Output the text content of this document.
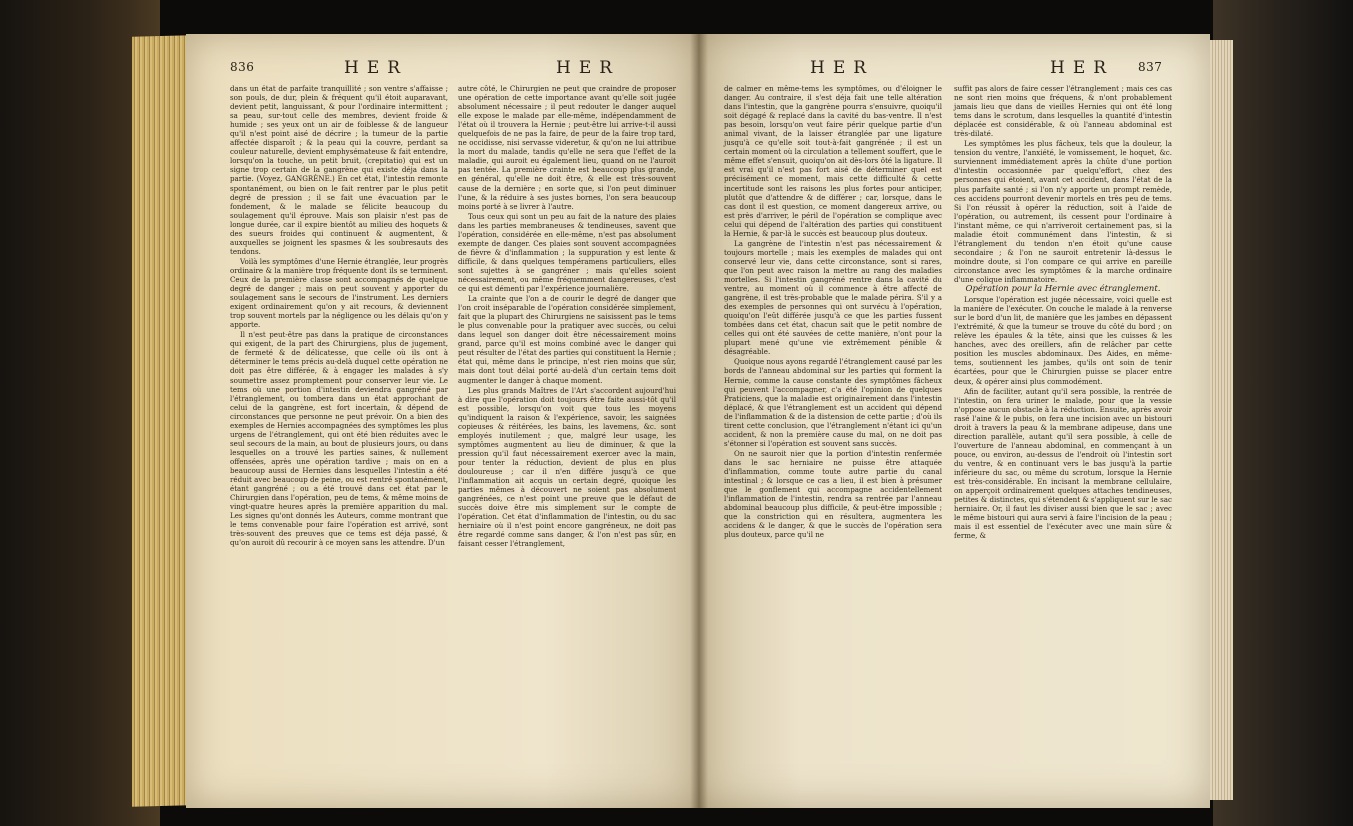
836	HER	HER

dans un état de parfaite tranquillité ; son ventre s'affaisse ; son pouls, de dur, plein & fréquent qu'il étoit auparavant, devient petit, languissant, & pour l'ordinaire intermittent ; sa peau, sur-tout celle des membres, devient froide & humide ; ses yeux ont un air de foiblesse & de langueur qu'il n'est point aisé de décrire ; la tumeur de la partie affectée disparoît ; & la peau qui la couvre, perdant sa couleur naturelle, devient emphysémateuse & fait entendre, lorsqu'on la touche, un petit bruit, (crepitatio) qui est un signe trop certain de la gangrène qui existe déja dans la partie. (Voyez, GANGRÈNE.) En cet état, l'intestin remonte spontanément, ou bien on le fait rentrer par le plus petit degré de pression ; il se fait une évacuation par le fondement, & le malade se félicite beaucoup du soulagement qu'il éprouve. Mais son plaisir n'est pas de longue durée, car il expire bientôt au milieu des hoquets & des sueurs froides qui continuent & augmentent, & auxquelles se joignent les spasmes & les soubresauts des tendons.

Voilà les symptômes d'une Hernie étranglée, leur progrès ordinaire & la manière trop fréquente dont ils se terminent. Ceux de la première classe sont accompagnés de quelque degré de danger ; mais on peut souvent y apporter du soulagement sans le secours de l'instrument. Les derniers exigent ordinairement qu'on y ait recours, & deviennent trop souvent mortels par la négligence ou les délais qu'on y apporte.

Il n'est peut-être pas dans la pratique de circonstances qui exigent, de la part des Chirurgiens, plus de jugement, de fermeté & de délicatesse, que celle où ils ont à déterminer le tems précis au-delà duquel cette opération ne doit pas être différée, & à engager les malades à s'y soumettre assez promptement pour conserver leur vie. Le tems où une portion d'intestin deviendra gangréné par l'étranglement, ou tombera dans un état approchant de celui de la gangrène, est fort incertain, & dépend de circonstances que personne ne peut prévoir. On a bien des exemples de Hernies accompagnées des symptômes les plus urgens de l'étranglement, qui ont été bien réduites avec le seul secours de la main, au bout de plusieurs jours, ou dans lesquelles on a trouvé les parties saines, & nullement offensées, après une opération tardive ; mais on en a beaucoup aussi de Hernies dans lesquelles l'intestin a été réduit avec beaucoup de peine, ou est rentré spontanément, étant gangréné ; ou a été trouvé dans cet état par le Chirurgien dans l'opération, peu de tems, & même moins de vingt-quatre heures après la première apparition du mal. Les signes qu'ont donnés les Auteurs, comme montrant que le tems convenable pour faire l'opération est arrivé, sont très-souvent des preuves que ce tems est déja passé, & qu'on auroit dû recourir à ce moyen sans les attendre. D'un

autre côté, le Chirurgien ne peut que craindre de proposer une opération de cette importance avant qu'elle soit jugée absolument nécessaire ; il peut redouter le danger auquel elle expose le malade par elle-même, indépendamment de l'état où il trouvera la Hernie ; peut-être lui arrive-t-il aussi quelquefois de ne pas la faire, de peur de la faire trop tard, ne occidisse, nisi servasse videretur, & qu'on ne lui attribue la mort du malade, tandis qu'elle ne sera que l'effet de la maladie, qui auroit eu également lieu, quand on ne l'auroit pas tentée. La première crainte est beaucoup plus grande, en général, qu'elle ne doit être, & elle est très-souvent cause de la dernière ; en sorte que, si l'on peut diminuer l'une, & la réduire à ses justes bornes, l'on sera beaucoup moins porté à se livrer à l'autre.

Tous ceux qui sont un peu au fait de la nature des plaies dans les parties membraneuses & tendineuses, savent que l'opération, considérée en elle-même, n'est pas absolument exempte de danger. Ces plaies sont souvent accompagnées de fièvre & d'inflammation ; la suppuration y est lente & difficile, & dans quelques tempéramens particuliers, elles sont sujettes à se gangréner ; mais qu'elles soient nécessairement, ou même fréquemment dangereuses, c'est ce qui est démenti par l'expérience journalière.

La crainte que l'on a de courir le degré de danger que l'on croit inséparable de l'opération considérée simplement, fait que la plupart des Chirurgiens ne saisissent pas le tems le plus convenable pour la pratiquer avec succès, ou celui dans lequel son danger doit être nécessairement moins grand, parce qu'il est moins combiné avec le danger qui peut résulter de l'état des parties qui constituent la Hernie ; état qui, même dans le principe, n'est rien moins que sûr, mais dont tout délai porté au-delà d'un certain tems doit augmenter le danger à chaque moment.

Les plus grands Maîtres de l'Art s'accordent aujourd'hui à dire que l'opération doit toujours être faite aussi-tôt qu'il est possible, lorsqu'on voit que tous les moyens qu'indiquent la raison & l'expérience, savoir, les saignées copieuses & réitérées, les bains, les lavemens, &c. sont employés inutilement ; que, malgré leur usage, les symptômes augmentent au lieu de diminuer, & que la pression qu'il faut nécessairement exercer avec la main, pour tenter la réduction, devient de plus en plus douloureuse ; car il n'en différe jusqu'à ce que l'inflammation ait acquis un certain degré, quoique les parties mêmes à découvert ne soient pas absolument gangrénées, ce n'est point une preuve que le défaut de succès doive être mis simplement sur le compte de l'opération. Cet état d'inflammation de l'intestin, ou du sac herniaire où il n'est point encore gangréneux, ne doit pas être regardé comme sans danger, & l'on n'est pas sûr, en faisant cesser l'étranglement,

HER	HER 837

de calmer en même-tems les symptômes, ou d'éloigner le danger. Au contraire, il s'est déja fait une telle altération dans l'intestin, que la gangrène pourra s'ensuivre, quoiqu'il soit dégagé & replacé dans la cavité du bas-ventre. Il n'est pas besoin, lorsqu'on veut faire périr quelque partie d'un animal vivant, de la laisser étranglée par une ligature jusqu'à ce qu'elle soit tout-à-fait gangrénée ; il est un certain moment où la circulation a tellement souffert, que le même effet s'ensuit, quoiqu'on ait dès-lors ôté la ligature. Il est vrai qu'il n'est pas fort aisé de déterminer quel est précisément ce moment, mais cette difficulté & cette incertitude sont les raisons les plus fortes pour anticiper, plutôt que d'attendre & de différer ; car, lorsque, dans le cas dont il est question, ce moment dangereux arrive, ou est près d'arriver, le péril de l'opération se complique avec celui qui dépend de l'altération des parties qui constituent la Hernie, & par-là le succès est beaucoup plus douteux.

La gangrène de l'intestin n'est pas nécessairement & toujours mortelle ; mais les exemples de malades qui ont conservé leur vie, dans cette circonstance, sont si rares, que l'on peut avec raison la mettre au rang des maladies mortelles. Si l'intestin gangréné rentre dans la cavité du ventre, au moment où il commence à être affecté de gangrène, il est très-probable que le malade périra. S'il y a des exemples de personnes qui ont survécu à l'opération, quoiqu'on l'eût différée jusqu'à ce que les parties fussent tombées dans cet état, chacun sait que le petit nombre de celles qui ont été sauvées de cette manière, n'ont pour la plupart mené qu'une vie extrêmement pénible & désagréable.

Quoique nous ayons regardé l'étranglement causé par les bords de l'anneau abdominal sur les parties qui forment la Hernie, comme la cause constante des symptômes fâcheux qui peuvent l'accompagner, c'a été l'opinion de quelques Praticiens, que la maladie est originairement dans l'intestin déplacé, & que l'étranglement est un accident qui dépend de l'inflammation & de la distension de cette partie ; d'où ils tirent cette conclusion, que l'étranglement n'étant ici qu'un accident, & non la première cause du mal, on ne doit pas s'étonner si l'opération est souvent sans succès.

On ne sauroit nier que la portion d'intestin renfermée dans le sac herniaire ne puisse être attaquée d'inflammation, comme toute autre partie du canal intestinal ; & lorsque ce cas a lieu, il est bien à présumer que le gonflement qui accompagne accidentellement l'inflammation de l'intestin, rendra sa rentrée par l'anneau abdominal beaucoup plus difficile, & peut-être impossible ; que la constriction qui en résultera, augmentera les accidens & le danger, & que le succès de l'opération sera plus douteux, parce qu'il ne

suffit pas alors de faire cesser l'étranglement ; mais ces cas ne sont rien moins que fréquens, & n'ont probablement jamais lieu que dans de vieilles Hernies qui ont été long tems dans le scrotum, dans lesquelles la quantité d'intestin déplacée est considérable, & où l'anneau abdominal est très-dilaté.

Les symptômes les plus fâcheux, tels que la douleur, la tension du ventre, l'anxiété, le vomissement, le hoquet, &c. surviennent immédiatement après la chûte d'une portion d'intestin occasionnée par quelqu'effort, chez des personnes qui étoient, avant cet accident, dans l'état de la plus parfaite santé ; si l'on n'y apporte un prompt remède, ces accidens pourront devenir mortels en très peu de tems. Si l'on réussit à opérer la réduction, soit à l'aide de l'opération, ou autrement, ils cessent pour l'ordinaire à l'instant même, ce qui n'arriveroit certainement pas, si la maladie étoit communément dans l'intestin, & si l'étranglement du tendon n'en étoit qu'une cause secondaire ; & l'on ne sauroit entretenir là-dessus le moindre doute, si l'on compare ce qui arrive en pareille circonstance avec les symptômes & la marche ordinaire d'une colique inflammatoire.

Opération pour la Hernie avec étranglement.

Lorsque l'opération est jugée nécessaire, voici quelle est la manière de l'exécuter. On couche le malade à la renverse sur le bord d'un lit, de manière que les jambes en dépassent l'extrémité, & que la tumeur se trouve du côté du bord ; on relève les épaules & la tête, ainsi que les cuisses & les hanches, avec des oreillers, afin de relâcher par cette position les muscles abdominaux. Des Aides, en même-tems, soutiennent les jambes, qu'ils ont soin de tenir écartées, pour que le Chirurgien puisse se placer entre deux, & opérer ainsi plus commodément.

Afin de faciliter, autant qu'il sera possible, la rentrée de l'intestin, on fera uriner le malade, pour que la vessie n'oppose aucun obstacle à la réduction. Ensuite, après avoir rasé l'aine & le pubis, on fera une incision avec un bistouri droit à travers la peau & la membrane adipeuse, dans une direction parallèle, autant qu'il sera possible, à celle de l'ouverture de l'anneau abdominal, en commençant à un pouce, ou environ, au-dessus de l'endroit où l'intestin sort du ventre, & en continuant vers le bas jusqu'à la partie inférieure du sac, ou même du scrotum, lorsque la Hernie est très-considérable. En incisant la membrane cellulaire, on apperçoit ordinairement quelques attaches tendineuses, petites & distinctes, qui s'étendent & s'appliquent sur le sac herniaire. Or, il faut les diviser aussi bien que le sac ; avec le même bistouri qui aura servi à faire l'incision de la peau ; mais il est essentiel de l'exécuter avec une main sûre & ferme, &
